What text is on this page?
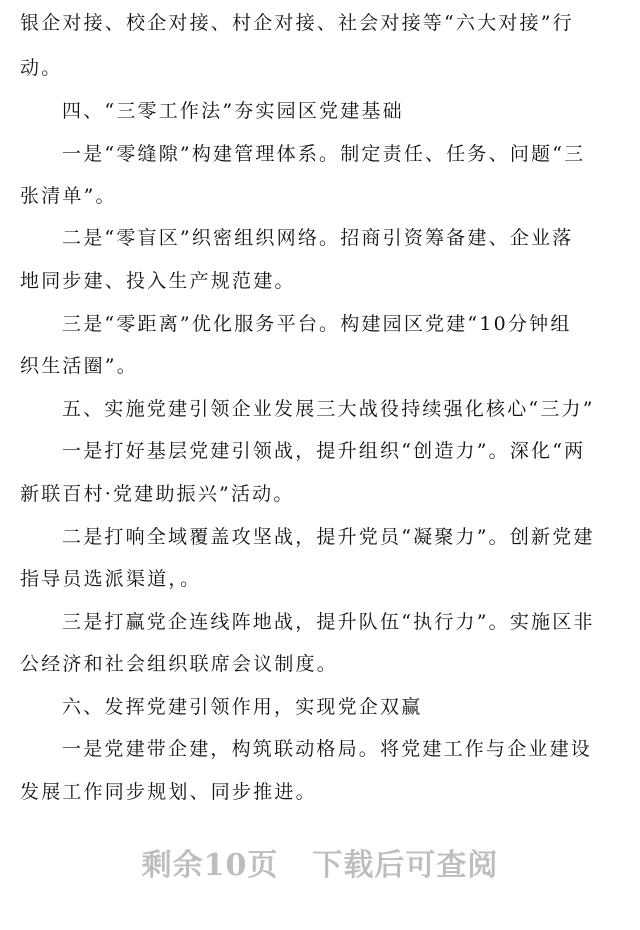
银企对接、校企对接、村企对接、社会对接等“六大对接”行
动。
四、“三零工作法”夯实园区党建基础
一是“零缝隙”构建管理体系。制定责任、任务、问题“三
张清单”。
二是“零盲区”织密组织网络。招商引资筹备建、企业落
地同步建、投入生产规范建。
三是“零距离”优化服务平台。构建园区党建“10分钟组
织生活圈”。
五、实施党建引领企业发展三大战役持续强化核心“三力”
一是打好基层党建引领战，提升组织“创造力”。深化“两
新联百村·党建助振兴”活动。
二是打响全域覆盖攻坚战，提升党员“凝聚力”。创新党建
指导员选派渠道，。
三是打赢党企连线阵地战，提升队伍“执行力”。实施区非
公经济和社会组织联席会议制度。
六、发挥党建引领作用，实现党企双赢
一是党建带企建，构筑联动格局。将党建工作与企业建设
发展工作同步规划、同步推进。
剩余10页 下载后可查阅
